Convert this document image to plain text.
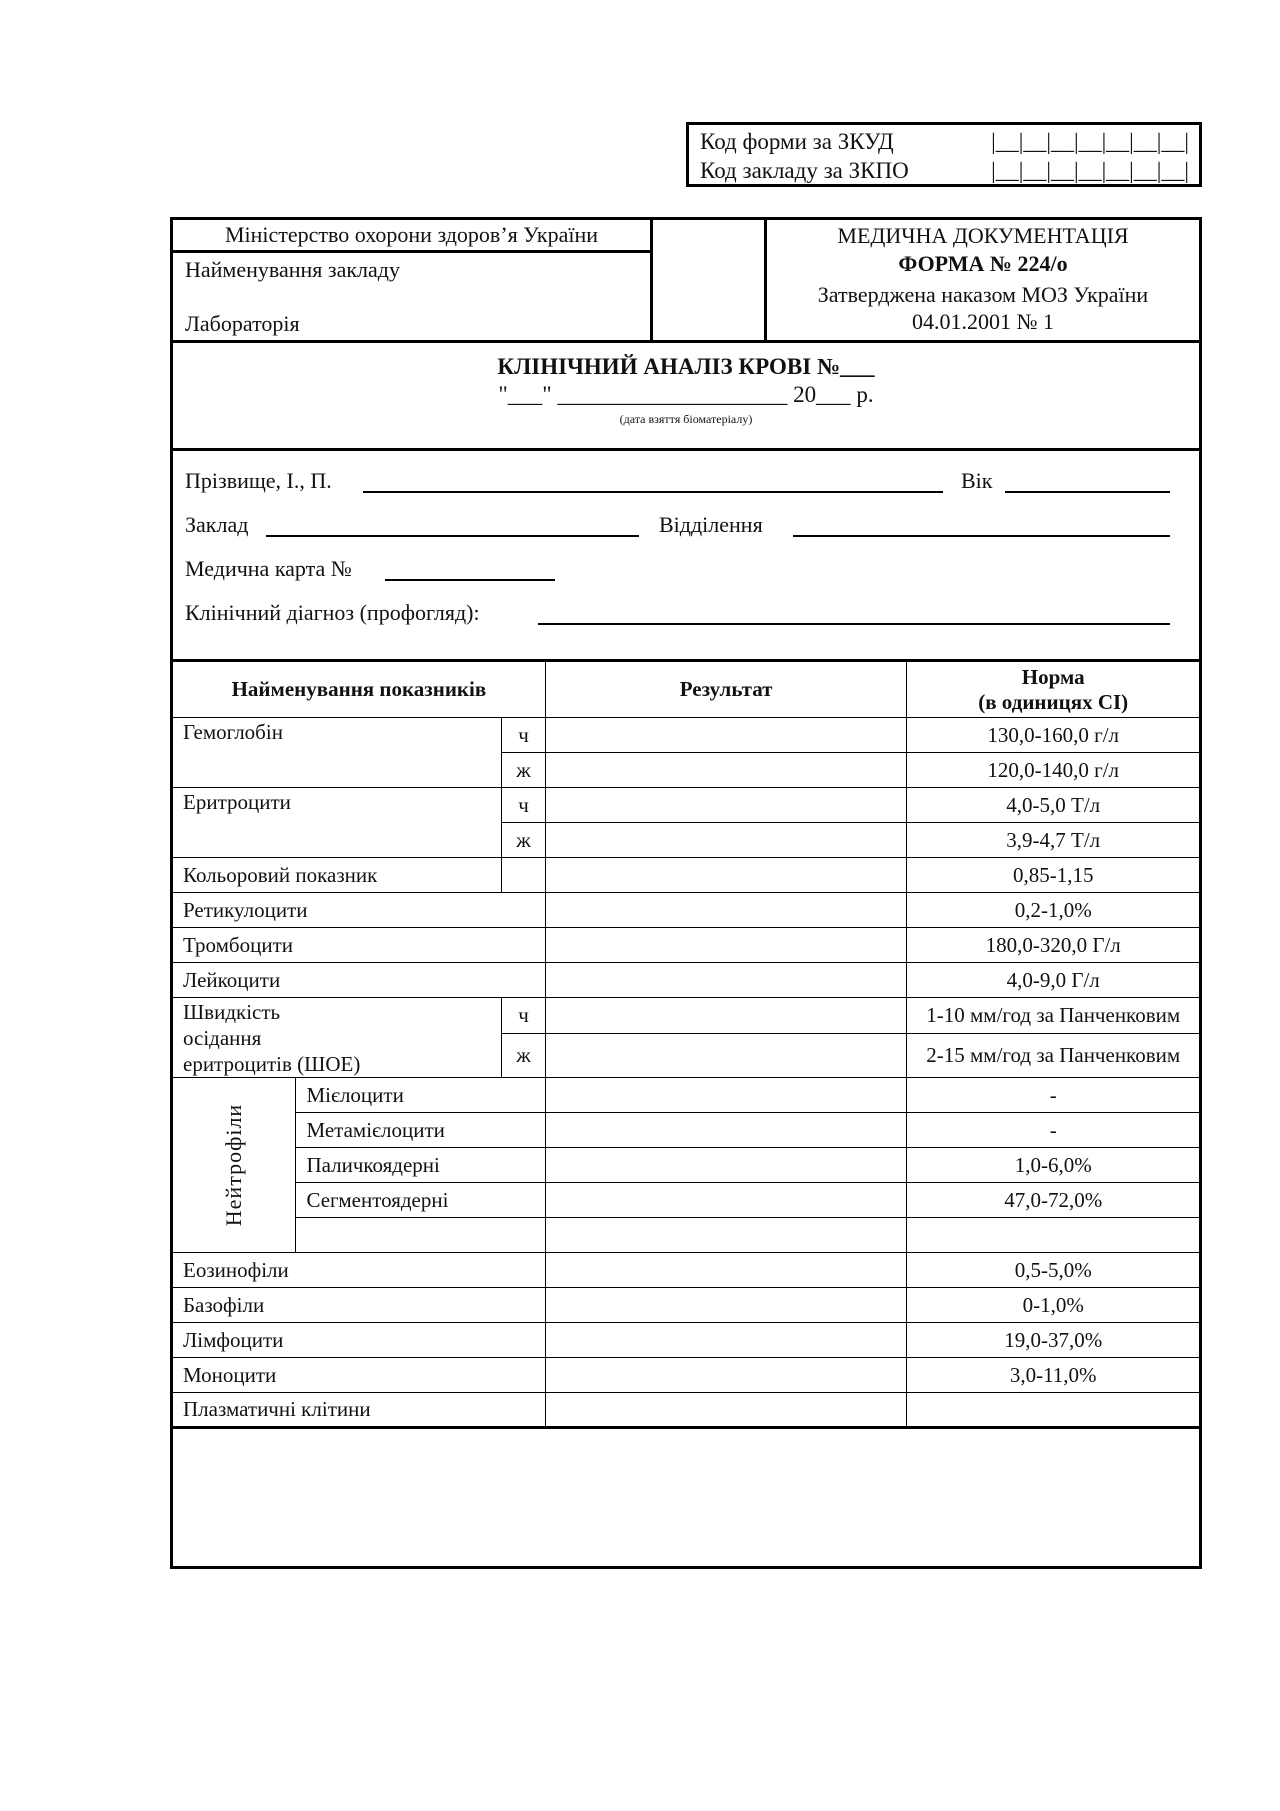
Код форми за ЗКУД	|__|__|__|__|__|__|__|
Код закладу за ЗКПО	|__|__|__|__|__|__|__|
Міністерство охорони здоров’я України
Найменування закладу
Лабораторія
МЕДИЧНА ДОКУМЕНТАЦІЯ
ФОРМА № 224/о
Затверджена наказом МОЗ України
04.01.2001 № 1
КЛІНІЧНИЙ АНАЛІЗ КРОВІ №___
"___" ____________________ 20___ р.
(дата взяття біоматеріалу)
Прізвище, І., П.	Вік
Заклад	Відділення
Медична карта №
Клінічний діагноз (профогляд):
Найменування показників			Результат	Норма
(в одиницях СІ)

Гемоглобін		ч		130,0-160,0 г/л
		ж		120,0-140,0 г/л
Еритроцити		ч		4,0-5,0 Т/л
		ж		3,9-4,7 Т/л
Кольоровий показник				0,85-1,15
Ретикулоцити				0,2-1,0%
Тромбоцити				180,0-320,0 Г/л
Лейкоцити				4,0-9,0 Г/л

Швидкість
осідання
еритроцитів (ШОЕ)		ч		1-10 мм/год за Панченковим
		ж		2-15 мм/год за Панченковим
Нейтрофіли	Мієлоцити			-
	Метамієлоцити			-
	Паличкоядерні			1,0-6,0%
	Сегментоядерні			47,0-72,0%

Еозинофіли				0,5-5,0%
Базофіли				0-1,0%
Лімфоцити				19,0-37,0%
Моноцити				3,0-11,0%
Плазматичні клітини				
